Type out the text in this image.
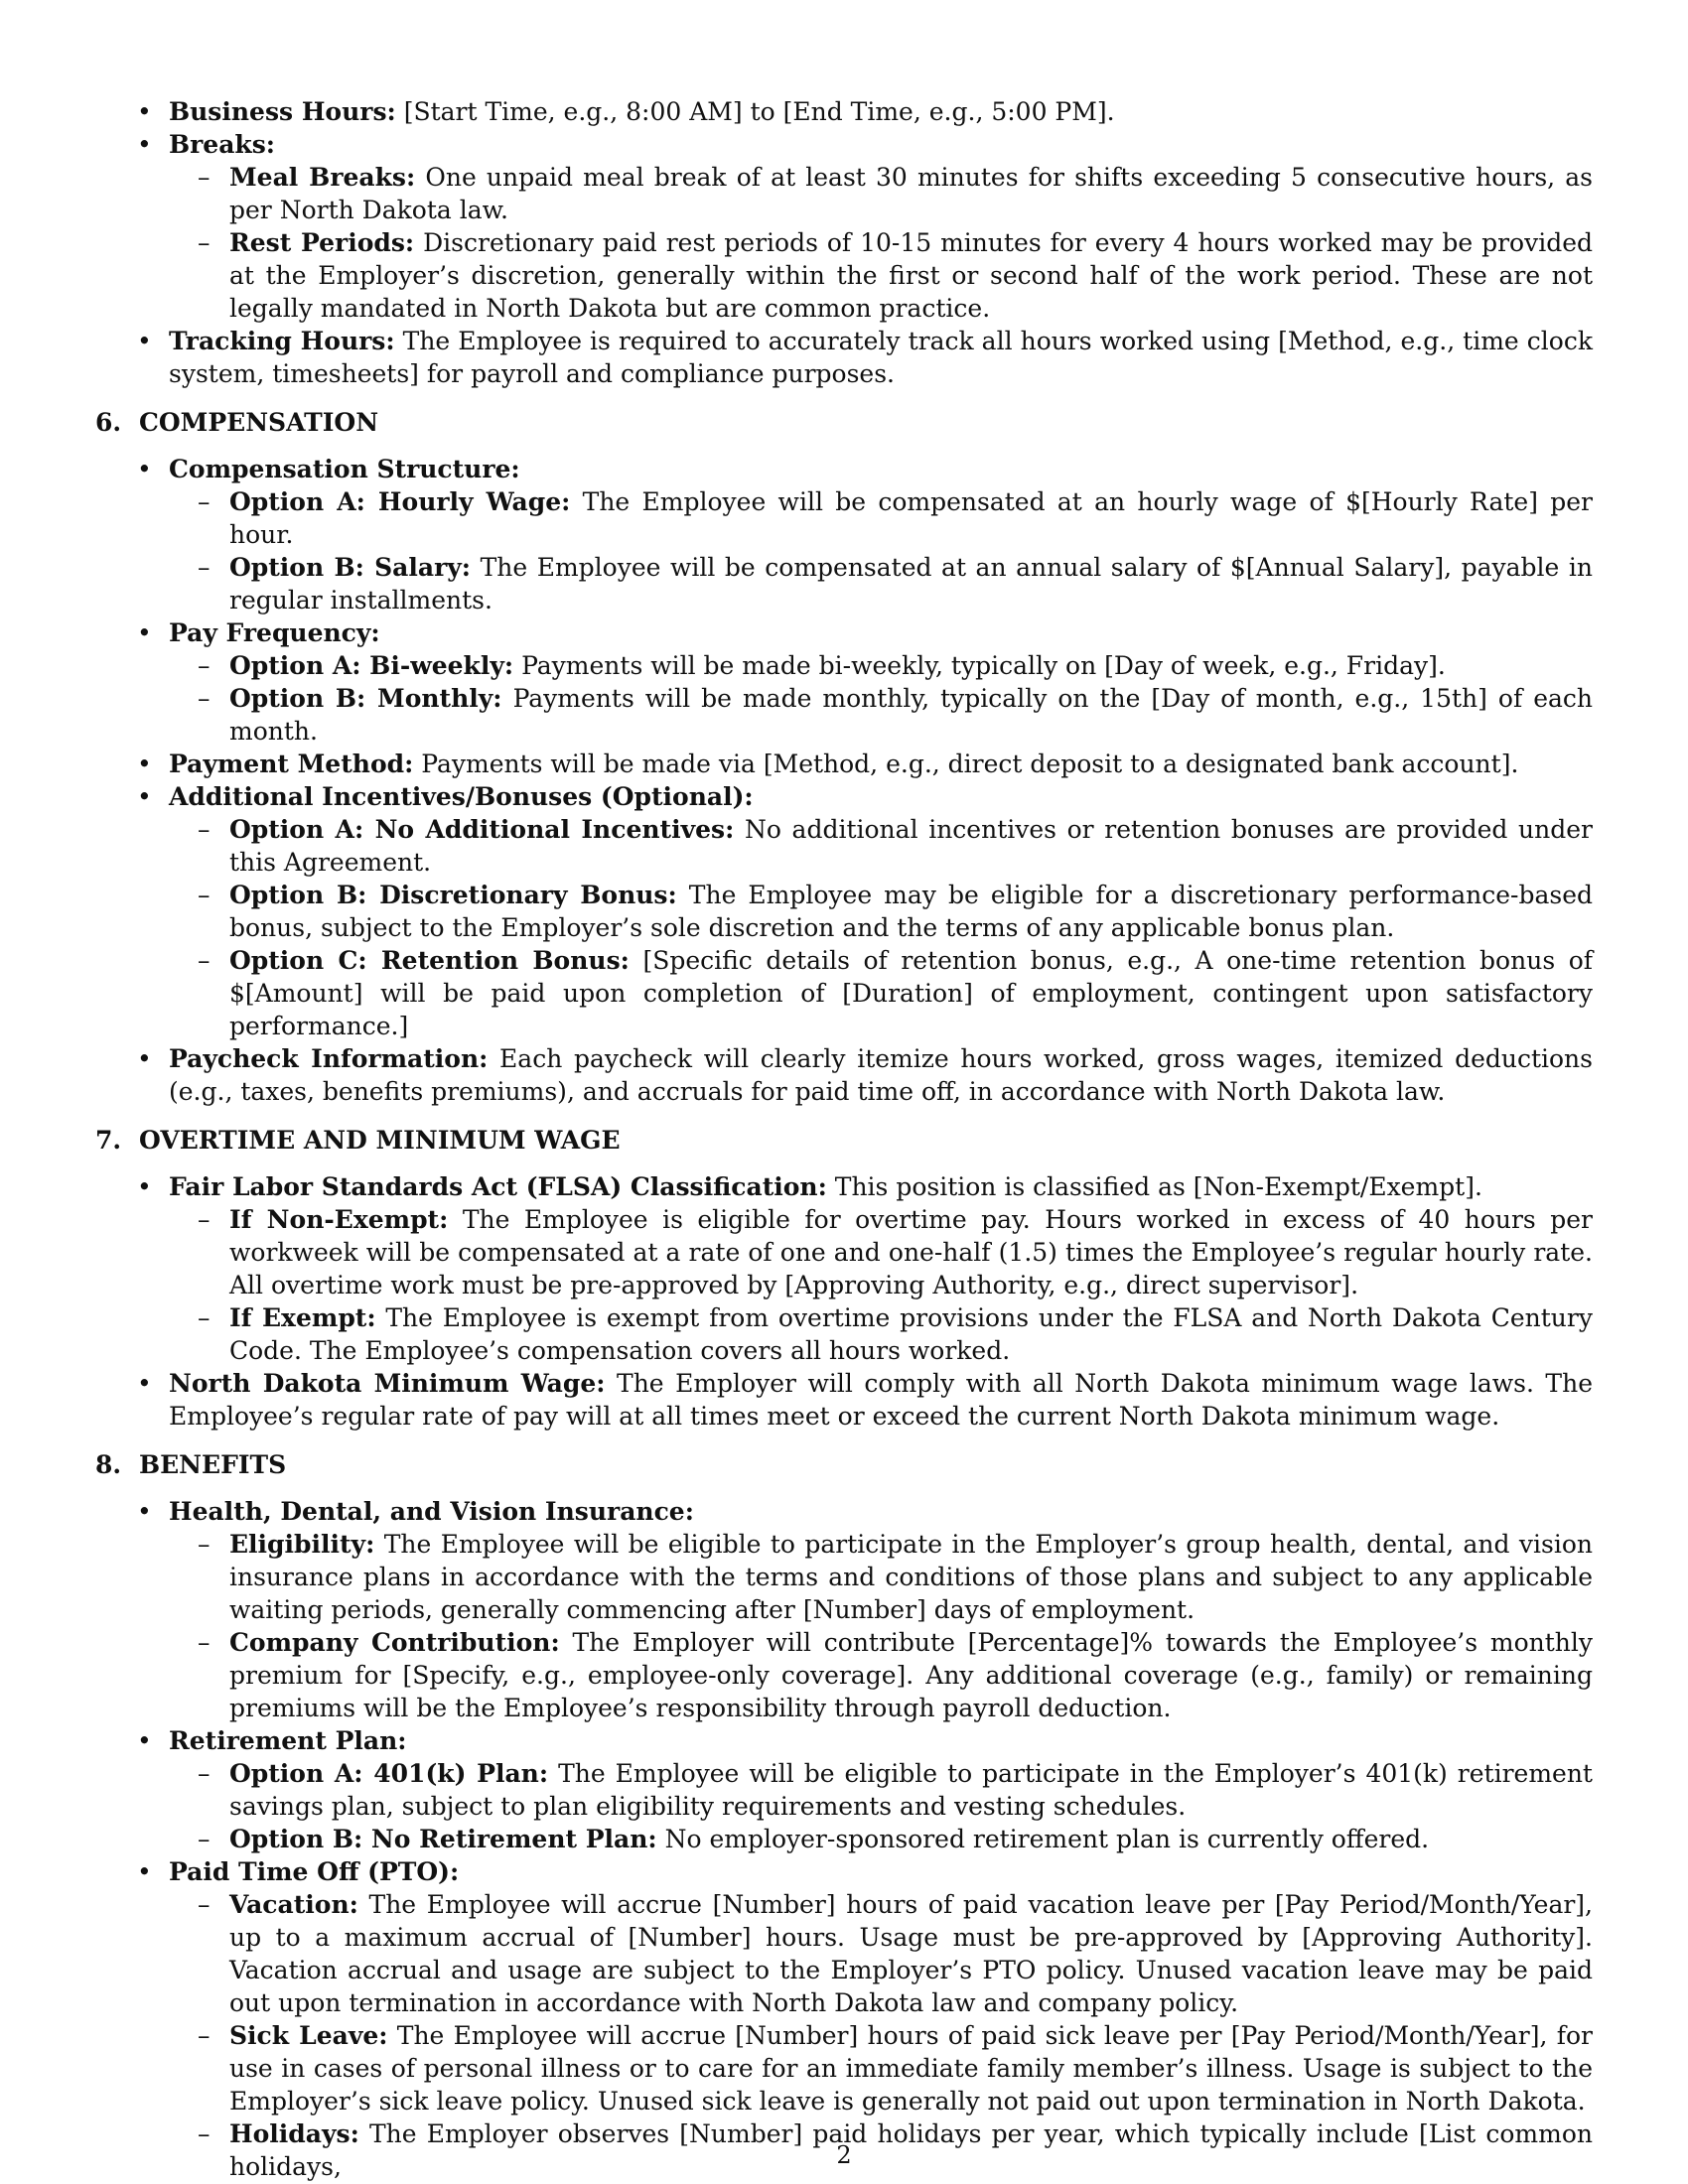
• Business Hours: [Start Time, e.g., 8:00 AM] to [End Time, e.g., 5:00 PM].
• Breaks:
– Meal Breaks: One unpaid meal break of at least 30 minutes for shifts exceeding 5 consecutive hours, as per North Dakota law.
– Rest Periods: Discretionary paid rest periods of 10-15 minutes for every 4 hours worked may be provided at the Employer’s discretion, generally within the first or second half of the work period. These are not legally mandated in North Dakota but are common practice.
• Tracking Hours: The Employee is required to accurately track all hours worked using [Method, e.g., time clock system, timesheets] for payroll and compliance purposes.
6. COMPENSATION
• Compensation Structure:
– Option A: Hourly Wage: The Employee will be compensated at an hourly wage of $[Hourly Rate] per hour.
– Option B: Salary: The Employee will be compensated at an annual salary of $[Annual Salary], payable in regular installments.
• Pay Frequency:
– Option A: Bi-weekly: Payments will be made bi-weekly, typically on [Day of week, e.g., Friday].
– Option B: Monthly: Payments will be made monthly, typically on the [Day of month, e.g., 15th] of each month.
• Payment Method: Payments will be made via [Method, e.g., direct deposit to a designated bank account].
• Additional Incentives/Bonuses (Optional):
– Option A: No Additional Incentives: No additional incentives or retention bonuses are provided under this Agreement.
– Option B: Discretionary Bonus: The Employee may be eligible for a discretionary performance-based bonus, subject to the Employer’s sole discretion and the terms of any applicable bonus plan.
– Option C: Retention Bonus: [Specific details of retention bonus, e.g., A one-time retention bonus of $[Amount] will be paid upon completion of [Duration] of employment, contingent upon satisfactory performance.]
• Paycheck Information: Each paycheck will clearly itemize hours worked, gross wages, itemized deductions (e.g., taxes, benefits premiums), and accruals for paid time off, in accordance with North Dakota law.
7. OVERTIME AND MINIMUM WAGE
• Fair Labor Standards Act (FLSA) Classification: This position is classified as [Non-Exempt/Exempt].
– If Non-Exempt: The Employee is eligible for overtime pay. Hours worked in excess of 40 hours per workweek will be compensated at a rate of one and one-half (1.5) times the Employee’s regular hourly rate. All overtime work must be pre-approved by [Approving Authority, e.g., direct supervisor].
– If Exempt: The Employee is exempt from overtime provisions under the FLSA and North Dakota Century Code. The Employee’s compensation covers all hours worked.
• North Dakota Minimum Wage: The Employer will comply with all North Dakota minimum wage laws. The Employee’s regular rate of pay will at all times meet or exceed the current North Dakota minimum wage.
8. BENEFITS
• Health, Dental, and Vision Insurance:
– Eligibility: The Employee will be eligible to participate in the Employer’s group health, dental, and vision insurance plans in accordance with the terms and conditions of those plans and subject to any applicable waiting periods, generally commencing after [Number] days of employment.
– Company Contribution: The Employer will contribute [Percentage]% towards the Employee’s monthly premium for [Specify, e.g., employee-only coverage]. Any additional coverage (e.g., family) or remaining premiums will be the Employee’s responsibility through payroll deduction.
• Retirement Plan:
– Option A: 401(k) Plan: The Employee will be eligible to participate in the Employer’s 401(k) retirement savings plan, subject to plan eligibility requirements and vesting schedules.
– Option B: No Retirement Plan: No employer-sponsored retirement plan is currently offered.
• Paid Time Off (PTO):
– Vacation: The Employee will accrue [Number] hours of paid vacation leave per [Pay Period/Month/Year], up to a maximum accrual of [Number] hours. Usage must be pre-approved by [Approving Authority]. Vacation accrual and usage are subject to the Employer’s PTO policy. Unused vacation leave may be paid out upon termination in accordance with North Dakota law and company policy.
– Sick Leave: The Employee will accrue [Number] hours of paid sick leave per [Pay Period/Month/Year], for use in cases of personal illness or to care for an immediate family member’s illness. Usage is subject to the Employer’s sick leave policy. Unused sick leave is generally not paid out upon termination in North Dakota.
– Holidays: The Employer observes [Number] paid holidays per year, which typically include [List common holidays,	2
